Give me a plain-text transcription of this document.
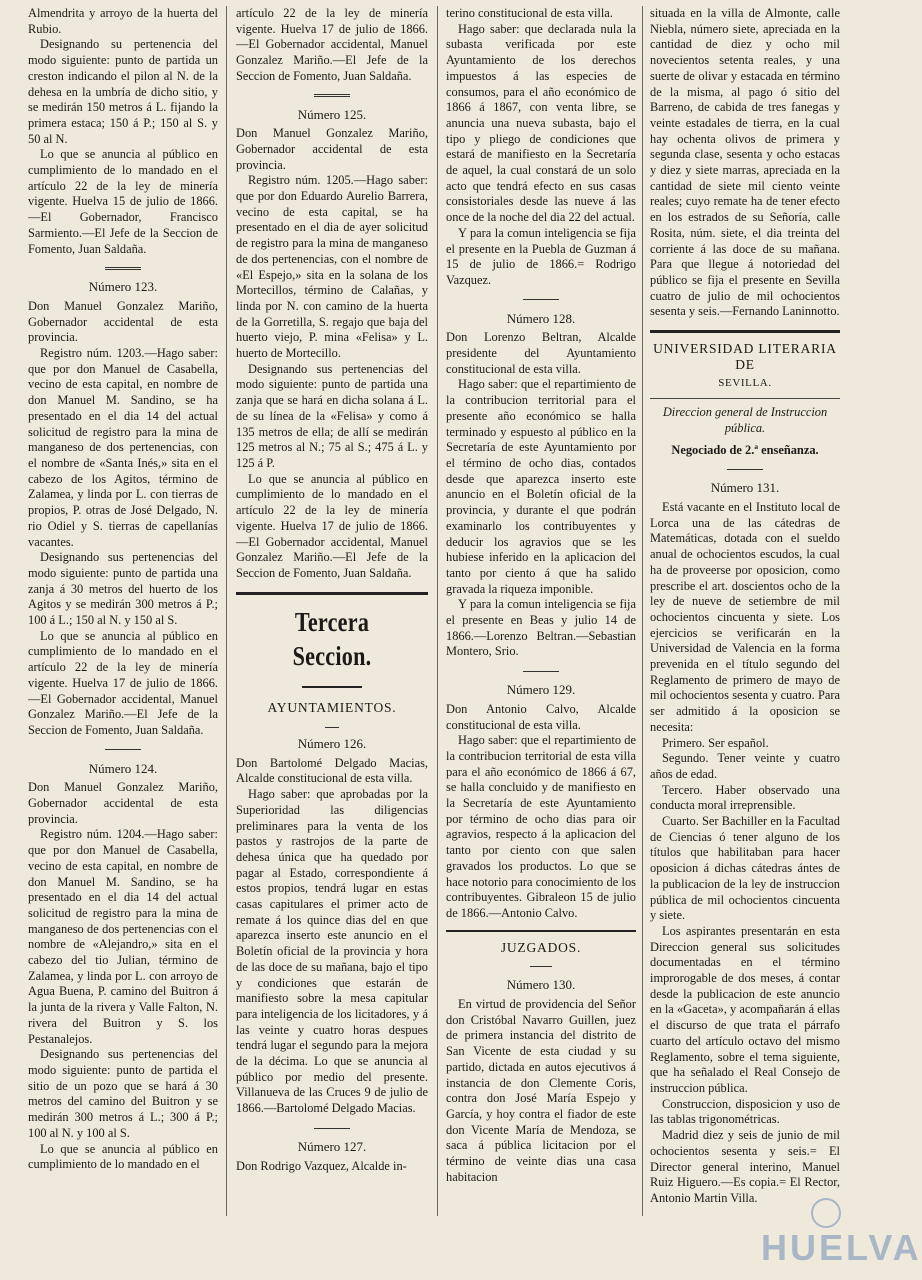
Almendrita y arroyo de la huerta del Rubio.

Designando su pertenencia del modo siguiente: punto de partida un creston indicando el pilon al N. de la dehesa en la umbría de dicho sitio, y se medirán 150 metros á L. fijando la primera estaca; 150 á P.; 150 al S. y 50 al N.

Lo que se anuncia al público en cumplimiento de lo mandado en el artículo 22 de la ley de minería vigente. Huelva 15 de julio de 1866.—El Gobernador, Francisco Sarmiento.—El Jefe de la Seccion de Fomento, Juan Saldaña.

Número 123.

Don Manuel Gonzalez Mariño, Gobernador accidental de esta provincia.

Registro núm. 1203.—Hago saber: que por don Manuel de Casabella, vecino de esta capital, en nombre de don Manuel M. Sandino, se ha presentado en el dia 14 del actual solicitud de registro para la mina de manganeso de dos pertenencias, con el nombre de «Santa Inés,» sita en el cabezo de los Agitos, término de Zalamea, y linda por L. con tierras de propios, P. otras de José Delgado, N. rio Odiel y S. tierras de capellanías vacantes.

Designando sus pertenencias del modo siguiente: punto de partida una zanja á 30 metros del huerto de los Agitos y se medirán 300 metros á P.; 100 á L.; 150 al N. y 150 al S.

Lo que se anuncia al público en cumplimiento de lo mandado en el artículo 22 de la ley de minería vigente. Huelva 17 de julio de 1866.—El Gobernador accidental, Manuel Gonzalez Mariño.—El Jefe de la Seccion de Fomento, Juan Saldaña.

Número 124.

Don Manuel Gonzalez Mariño, Gobernador accidental de esta provincia.

Registro núm. 1204.—Hago saber: que por don Manuel de Casabella, vecino de esta capital, en nombre de don Manuel M. Sandino, se ha presentado en el dia 14 del actual solicitud de registro para la mina de manganeso de dos pertenencias con el nombre de «Alejandro,» sita en el cabezo del tio Julian, término de Zalamea, y linda por L. con arroyo de Agua Buena, P. camino del Buitron á la junta de la rivera y Valle Falton, N. rivera del Buitron y S. los Pestanalejos.

Designando sus pertenencias del modo siguiente: punto de partida el sitio de un pozo que se hará á 30 metros del camino del Buitron y se medirán 300 metros á L.; 300 á P.; 100 al N. y 100 al S.

Lo que se anuncia al público en cumplimiento de lo mandado en el

artículo 22 de la ley de minería vigente. Huelva 17 de julio de 1866.—El Gobernador accidental, Manuel Gonzalez Mariño.—El Jefe de la Seccion de Fomento, Juan Saldaña.

Número 125.

Don Manuel Gonzalez Mariño, Gobernador accidental de esta provincia.

Registro núm. 1205.—Hago saber: que por don Eduardo Aurelio Barrera, vecino de esta capital, se ha presentado en el dia de ayer solicitud de registro para la mina de manganeso de dos pertenencias, con el nombre de «El Espejo,» sita en la solana de los Mortecillos, término de Calañas, y linda por N. con camino de la huerta de la Gorretilla, S. regajo que baja del huerto viejo, P. mina «Felisa» y L. huerto de Mortecillo.

Designando sus pertenencias del modo siguiente: punto de partida una zanja que se hará en dicha solana á L. de su línea de la «Felisa» y como á 135 metros de ella; de allí se medirán 125 metros al N.; 75 al S.; 475 á L. y 125 á P.

Lo que se anuncia al público en cumplimiento de lo mandado en el artículo 22 de la ley de minería vigente. Huelva 17 de julio de 1866.—El Gobernador accidental, Manuel Gonzalez Mariño.—El Jefe de la Seccion de Fomento, Juan Saldaña.

Tercera Seccion.
AYUNTAMIENTOS.
Número 126.

Don Bartolomé Delgado Macias, Alcalde constitucional de esta villa.

Hago saber: que aprobadas por la Superioridad las diligencias preliminares para la venta de los pastos y rastrojos de la parte de dehesa única que ha quedado por pagar al Estado, correspondiente á estos propios, tendrá lugar en estas casas capitulares el primer acto de remate á los quince dias del en que aparezca inserto este anuncio en el Boletín oficial de la provincia y hora de las doce de su mañana, bajo el tipo y condiciones que estarán de manifiesto sobre la mesa capitular para inteligencia de los licitadores, y á las veinte y cuatro horas despues tendrá lugar el segundo para la mejora de la décima. Lo que se anuncia al público por medio del presente. Villanueva de las Cruces 9 de julio de 1866.—Bartolomé Delgado Macias.

Número 127.

Don Rodrigo Vazquez, Alcalde in-

terino constitucional de esta villa.

Hago saber: que declarada nula la subasta verificada por este Ayuntamiento de los derechos impuestos á las especies de consumos, para el año económico de 1866 á 1867, con venta libre, se anuncia una nueva subasta, bajo el tipo y pliego de condiciones que estará de manifiesto en la Secretaría de aquel, la cual constará de un solo acto que tendrá efecto en sus casas consistoriales desde las nueve á las once de la noche del dia 22 del actual.

Y para la comun inteligencia se fija el presente en la Puebla de Guzman á 15 de julio de 1866.= Rodrigo Vazquez.

Número 128.

Don Lorenzo Beltran, Alcalde presidente del Ayuntamiento constitucional de esta villa.

Hago saber: que el repartimiento de la contribucion territorial para el presente año económico se halla terminado y espuesto al público en la Secretaría de este Ayuntamiento por el término de ocho dias, contados desde que aparezca inserto este anuncio en el Boletín oficial de la provincia, y durante el que podrán examinarlo los contribuyentes y deducir los agravios que se les hubiese inferido en la aplicacion del tanto por ciento á que ha salido gravada la riqueza imponible.

Y para la comun inteligencia se fija el presente en Beas y julio 14 de 1866.—Lorenzo Beltran.—Sebastian Montero, Srio.

Número 129.

Don Antonio Calvo, Alcalde constitucional de esta villa.

Hago saber: que el repartimiento de la contribucion territorial de esta villa para el año económico de 1866 á 67, se halla concluido y de manifiesto en la Secretaría de este Ayuntamiento por término de ocho dias para oir agravios, respecto á la aplicacion del tanto por ciento con que salen gravados los productos. Lo que se hace notorio para conocimiento de los contribuyentes. Gibraleon 15 de julio de 1866.—Antonio Calvo.

JUZGADOS.
Número 130.

En virtud de providencia del Señor don Cristóbal Navarro Guillen, juez de primera instancia del distrito de San Vicente de esta ciudad y su partido, dictada en autos ejecutivos á instancia de don Clemente Coris, contra don José María Espejo y García, y hoy contra el fiador de este don Vicente María de Mendoza, se saca á pública licitacion por el término de veinte dias una casa habitacion

situada en la villa de Almonte, calle Niebla, número siete, apreciada en la cantidad de diez y ocho mil novecientos setenta reales, y una suerte de olivar y estacada en término de la misma, al pago ó sitio del Barreno, de cabida de tres fanegas y veinte estadales de tierra, en la cual hay ochenta olivos de primera y segunda clase, sesenta y ocho estacas y diez y siete marras, apreciada en la cantidad de siete mil ciento veinte reales; cuyo remate ha de tener efecto en los estrados de su Señoría, calle Rosita, núm. siete, el dia treinta del corriente á las doce de su mañana. Para que llegue á notoriedad del público se fija el presente en Sevilla cuatro de julio de mil ochocientos sesenta y seis.—Fernando Laninnotto.

UNIVERSIDAD LITERARIA DE
SEVILLA.
Direccion general de Instruccion pública.
Negociado de 2.ª enseñanza.
Número 131.

Está vacante en el Instituto local de Lorca una de las cátedras de Matemáticas, dotada con el sueldo anual de ochocientos escudos, la cual ha de proveerse por oposicion, como prescribe el art. doscientos ocho de la ley de nueve de setiembre de mil ochocientos cincuenta y siete. Los ejercicios se verificarán en la Universidad de Valencia en la forma prevenida en el título segundo del Reglamento de primero de mayo de mil ochocientos sesenta y cuatro. Para ser admitido á la oposicion se necesita:

Primero. Ser español.

Segundo. Tener veinte y cuatro años de edad.

Tercero. Haber observado una conducta moral irreprensible.

Cuarto. Ser Bachiller en la Facultad de Ciencias ó tener alguno de los títulos que habilitaban para hacer oposicion á dichas cátedras ántes de la publicacion de la ley de instruccion pública de mil ochocientos cincuenta y siete.

Los aspirantes presentarán en esta Direccion general sus solicitudes documentadas en el término improrogable de dos meses, á contar desde la publicacion de este anuncio en la «Gaceta», y acompañarán á ellas el discurso de que trata el párrafo cuarto del artículo octavo del mismo Reglamento, sobre el tema siguiente, que ha señalado el Real Consejo de instruccion pública.

Construccion, disposicion y uso de las tablas trigonométricas.

Madrid diez y seis de junio de mil ochocientos sesenta y seis.= El Director general interino, Manuel Ruiz Higuero.—Es copia.= El Rector, Antonio Martin Villa.

HUELVA
